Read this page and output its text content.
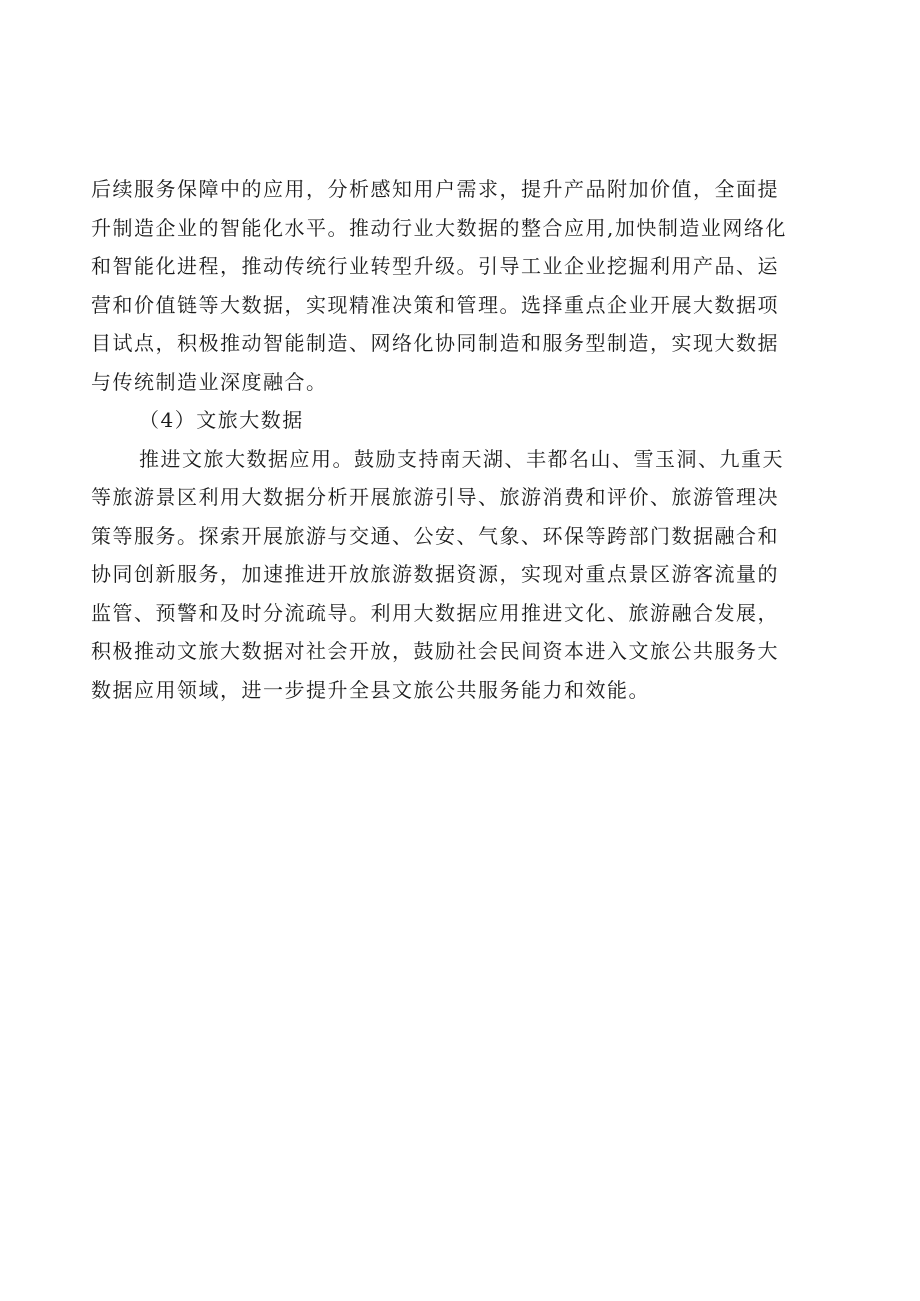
后续服务保障中的应用，分析感知用户需求，提升产品附加价值，全面提
升制造企业的智能化水平。推动行业大数据的整合应用,加快制造业网络化
和智能化进程，推动传统行业转型升级。引导工业企业挖掘利用产品、运
营和价值链等大数据，实现精准决策和管理。选择重点企业开展大数据项
目试点，积极推动智能制造、网络化协同制造和服务型制造，实现大数据
与传统制造业深度融合。
（4）文旅大数据
推进文旅大数据应用。鼓励支持南天湖、丰都名山、雪玉洞、九重天
等旅游景区利用大数据分析开展旅游引导、旅游消费和评价、旅游管理决
策等服务。探索开展旅游与交通、公安、气象、环保等跨部门数据融合和
协同创新服务，加速推进开放旅游数据资源，实现对重点景区游客流量的
监管、预警和及时分流疏导。利用大数据应用推进文化、旅游融合发展，
积极推动文旅大数据对社会开放，鼓励社会民间资本进入文旅公共服务大
数据应用领域，进一步提升全县文旅公共服务能力和效能。
